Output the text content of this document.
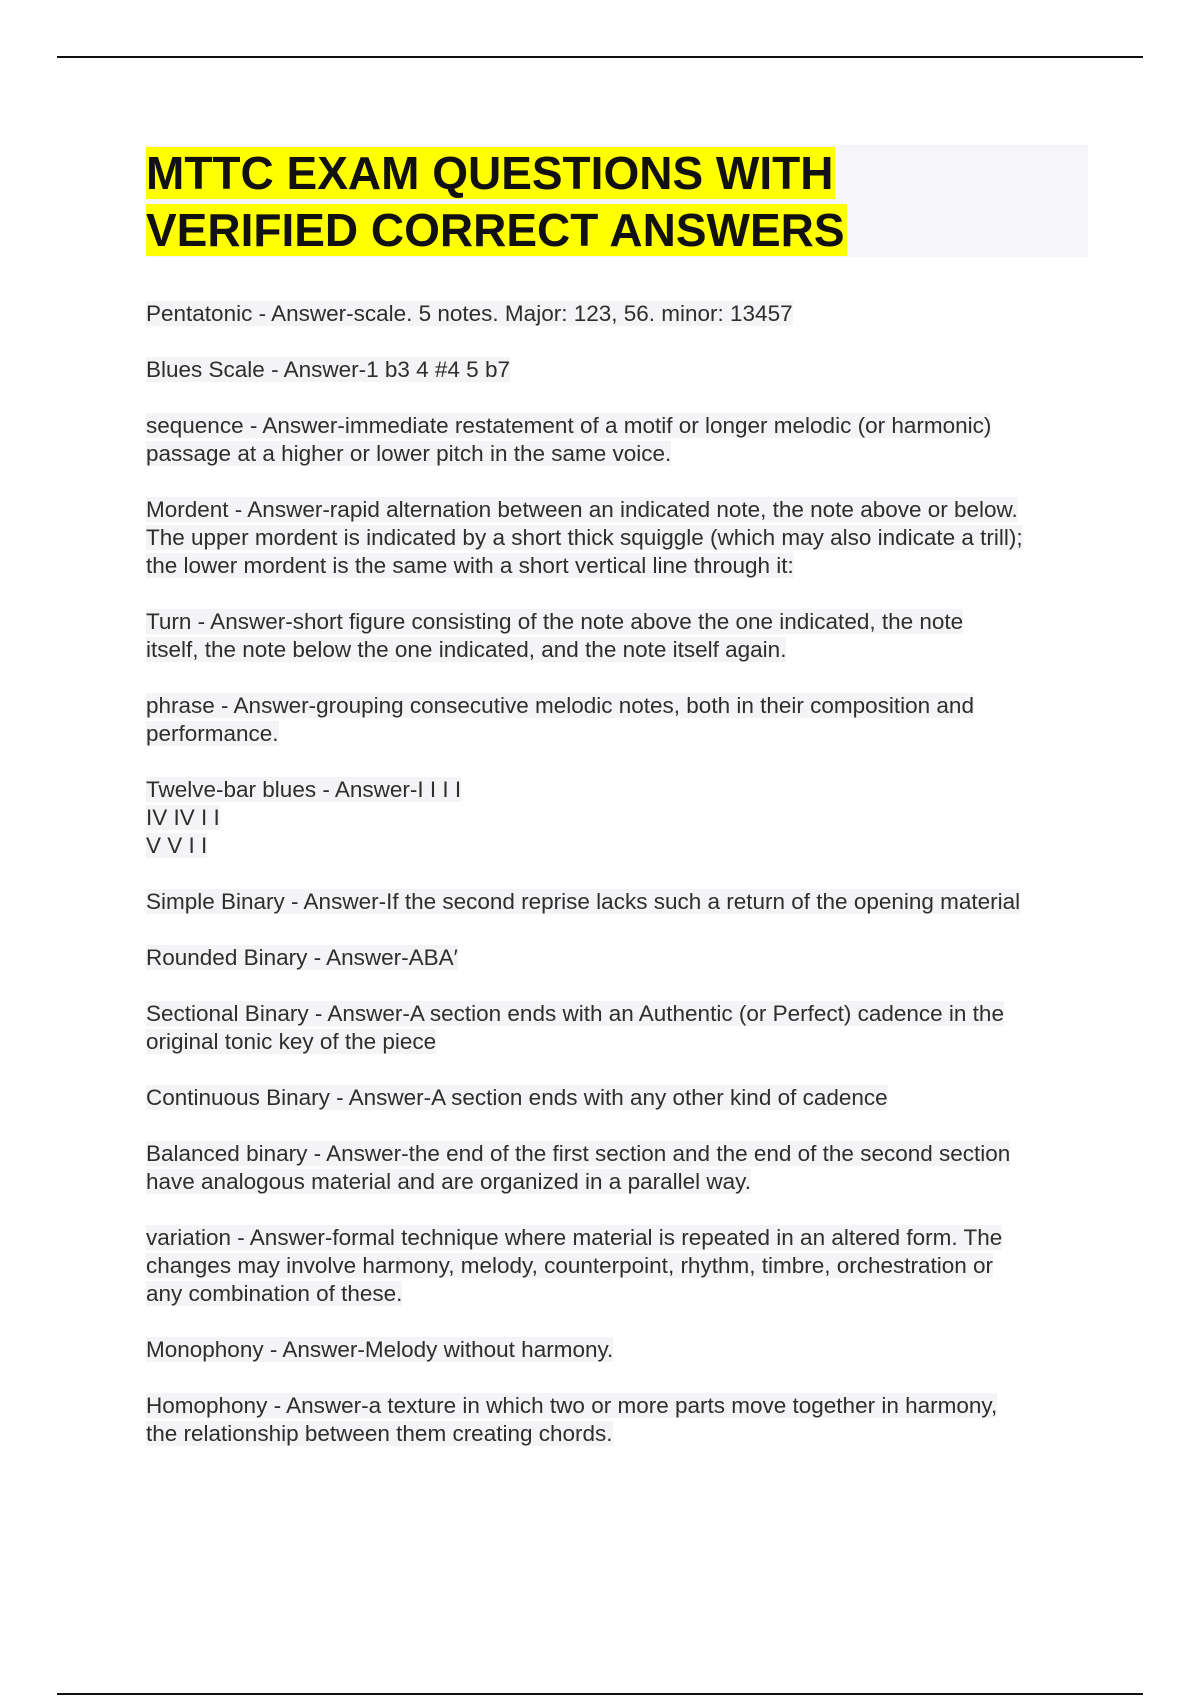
MTTC EXAM QUESTIONS WITH
VERIFIED CORRECT ANSWERS

Pentatonic - Answer-scale. 5 notes. Major: 123, 56. minor: 13457

Blues Scale - Answer-1 b3 4 #4 5 b7

sequence - Answer-immediate restatement of a motif or longer melodic (or harmonic)
passage at a higher or lower pitch in the same voice.

Mordent - Answer-rapid alternation between an indicated note, the note above or below.
The upper mordent is indicated by a short thick squiggle (which may also indicate a trill);
the lower mordent is the same with a short vertical line through it:

Turn - Answer-short figure consisting of the note above the one indicated, the note
itself, the note below the one indicated, and the note itself again.

phrase - Answer-grouping consecutive melodic notes, both in their composition and
performance.

Twelve-bar blues - Answer-I I I I
IV IV I I
V V I I

Simple Binary - Answer-If the second reprise lacks such a return of the opening material

Rounded Binary - Answer-ABA′

Sectional Binary - Answer-A section ends with an Authentic (or Perfect) cadence in the
original tonic key of the piece

Continuous Binary - Answer-A section ends with any other kind of cadence

Balanced binary - Answer-the end of the first section and the end of the second section
have analogous material and are organized in a parallel way.

variation - Answer-formal technique where material is repeated in an altered form. The
changes may involve harmony, melody, counterpoint, rhythm, timbre, orchestration or
any combination of these.

Monophony - Answer-Melody without harmony.

Homophony - Answer-a texture in which two or more parts move together in harmony,
the relationship between them creating chords.
